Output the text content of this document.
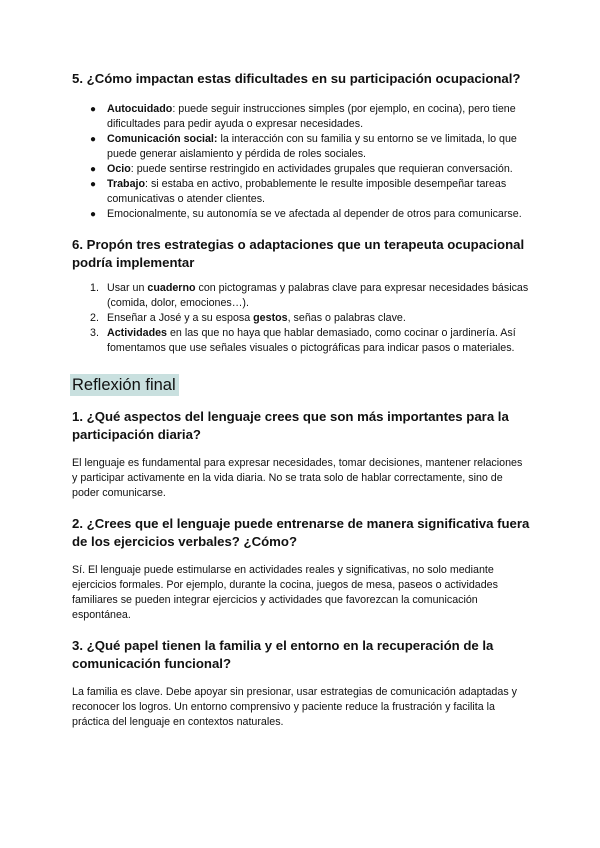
5. ¿Cómo impactan estas dificultades en su participación ocupacional?
● Autocuidado: puede seguir instrucciones simples (por ejemplo, en cocina), pero tiene dificultades para pedir ayuda o expresar necesidades.
● Comunicación social: la interacción con su familia y su entorno se ve limitada, lo que puede generar aislamiento y pérdida de roles sociales.
● Ocio: puede sentirse restringido en actividades grupales que requieran conversación.
● Trabajo: si estaba en activo, probablemente le resulte imposible desempeñar tareas comunicativas o atender clientes.
● Emocionalmente, su autonomía se ve afectada al depender de otros para comunicarse.
6. Propón tres estrategias o adaptaciones que un terapeuta ocupacional podría implementar
1. Usar un cuaderno con pictogramas y palabras clave para expresar necesidades básicas (comida, dolor, emociones…).
2. Enseñar a José y a su esposa gestos, señas o palabras clave.
3. Actividades en las que no haya que hablar demasiado, como cocinar o jardinería. Así fomentamos que use señales visuales o pictográficas para indicar pasos o materiales.
Reflexión final
1. ¿Qué aspectos del lenguaje crees que son más importantes para la participación diaria?

El lenguaje es fundamental para expresar necesidades, tomar decisiones, mantener relaciones y participar activamente en la vida diaria. No se trata solo de hablar correctamente, sino de poder comunicarse.

2. ¿Crees que el lenguaje puede entrenarse de manera significativa fuera de los ejercicios verbales? ¿Cómo?

Sí. El lenguaje puede estimularse en actividades reales y significativas, no solo mediante ejercicios formales. Por ejemplo, durante la cocina, juegos de mesa, paseos o actividades familiares se pueden integrar ejercicios y actividades que favorezcan la comunicación espontánea.

3. ¿Qué papel tienen la familia y el entorno en la recuperación de la comunicación funcional?

La familia es clave. Debe apoyar sin presionar, usar estrategias de comunicación adaptadas y reconocer los logros. Un entorno comprensivo y paciente reduce la frustración y facilita la práctica del lenguaje en contextos naturales.
